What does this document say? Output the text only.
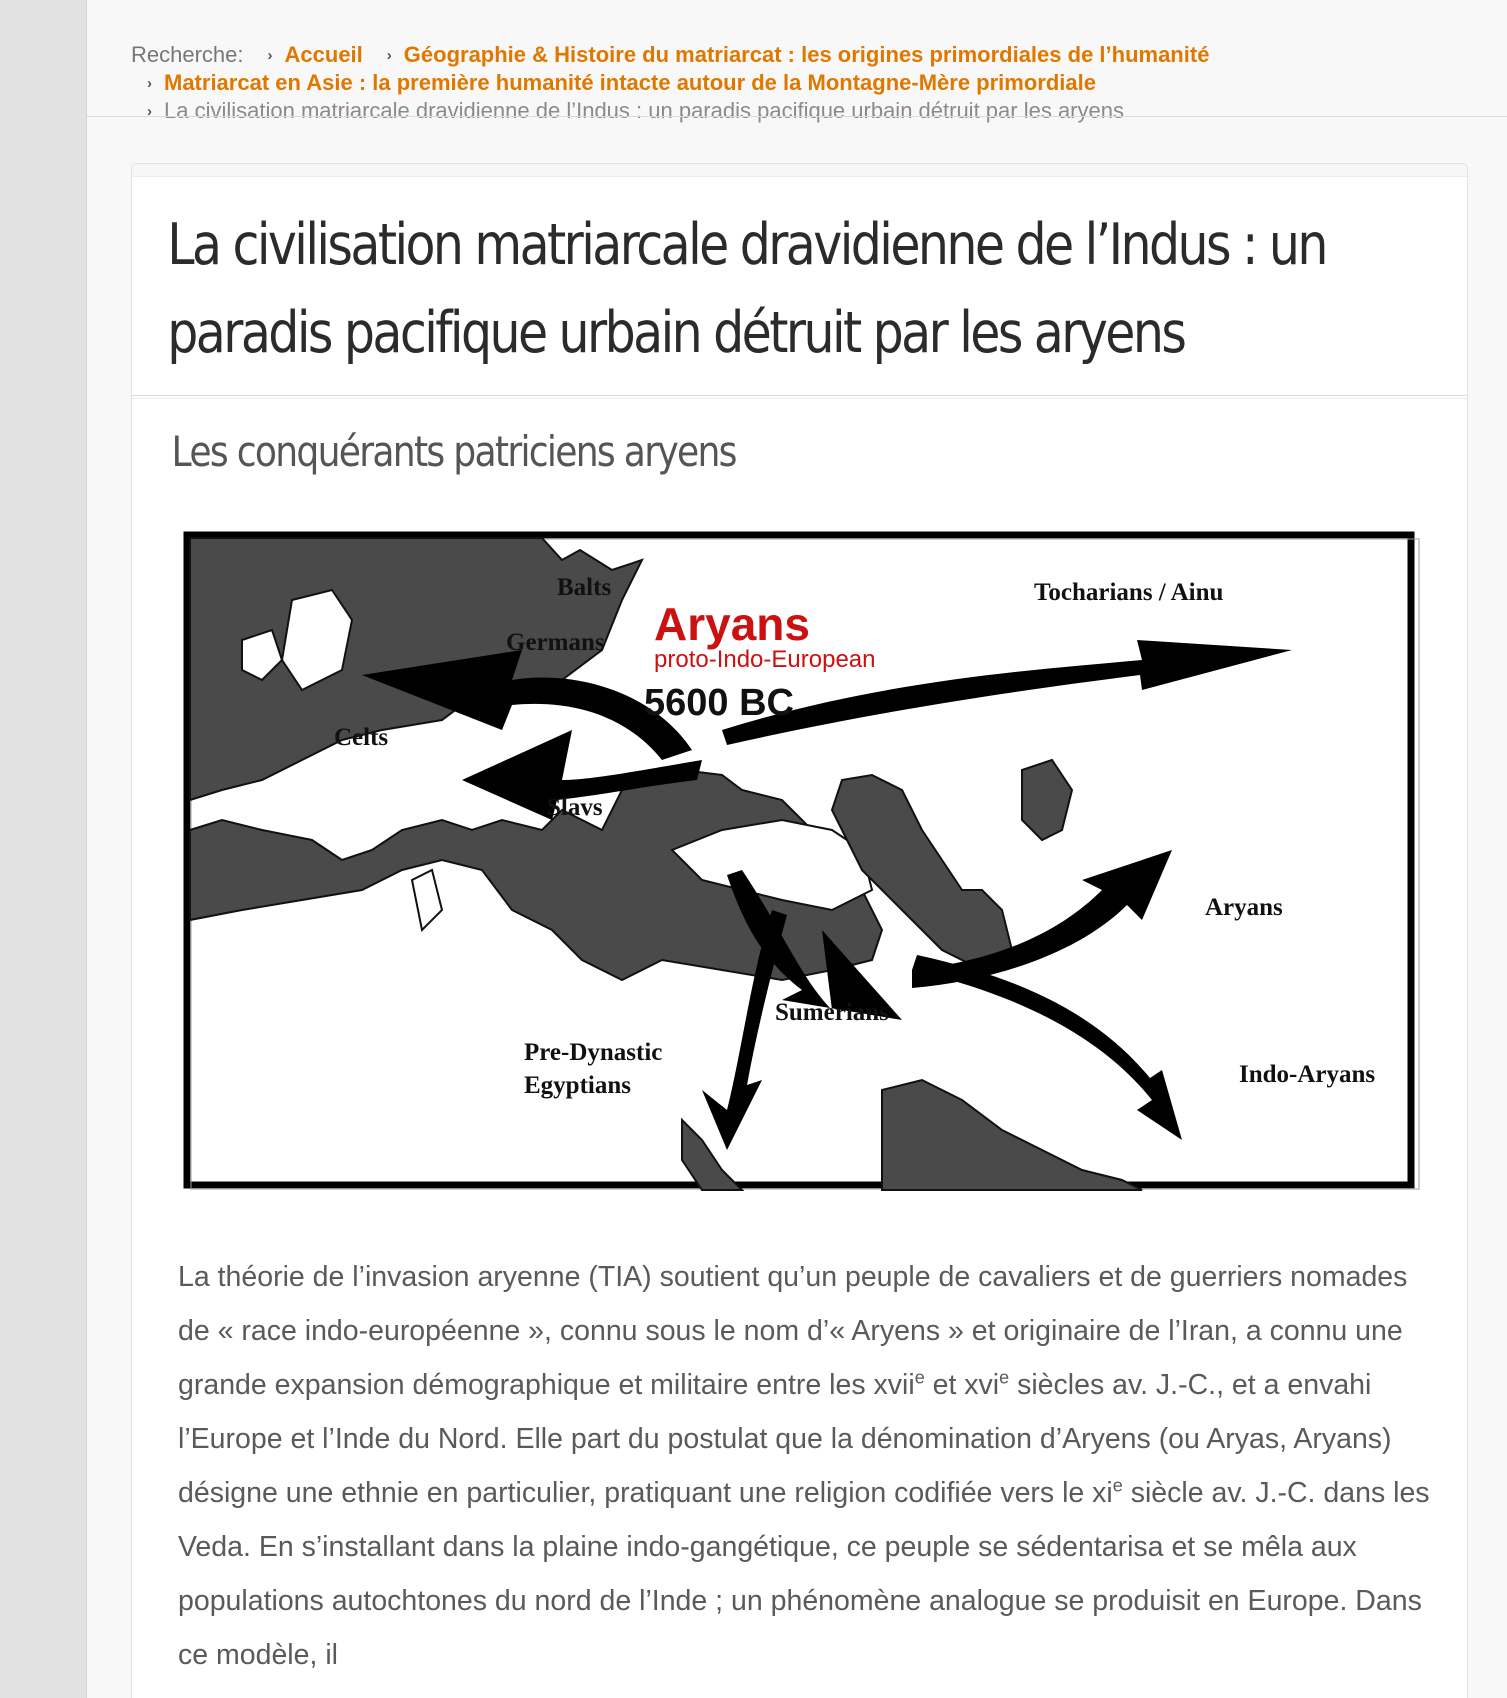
Recherche: › Accueil › Géographie & Histoire du matriarcat : les origines primordiales de l’humanité
› Matriarcat en Asie : la première humanité intacte autour de la Montagne-Mère primordiale
› La civilisation matriarcale dravidienne de l’Indus : un paradis pacifique urbain détruit par les aryens
La civilisation matriarcale dravidienne de l’Indus : un
paradis pacifique urbain détruit par les aryens
Les conquérants patriciens aryens
Balts
Germans
Celts
Slavs
Tocharians / Ainu
Aryans
Indo-Aryans
Sumerians
Pre-Dynastic
Egyptians
Aryans
proto-Indo-European
5600 BC

La théorie de l’invasion aryenne (TIA) soutient qu’un peuple de cavaliers et de guerriers nomades de « race indo-européenne », connu sous le nom d’« Aryens » et originaire de l’Iran, a connu une grande expansion démographique et militaire entre les xvii$^e$ et xvi$^e$ siècles av. J.-C., et a envahi l’Europe et l’Inde du Nord. Elle part du postulat que la dénomination d’Aryens (ou Aryas, Aryans) désigne une ethnie en particulier, pratiquant une religion codifiée vers le $xi^e$ siècle av. J.-C. dans les Veda. En s’installant dans la plaine indo-gangétique, ce peuple se sédentarisa et se mêla aux populations autochtones du nord de l’Inde ; un phénomène analogue se produisit en Europe. Dans ce modèle, il
